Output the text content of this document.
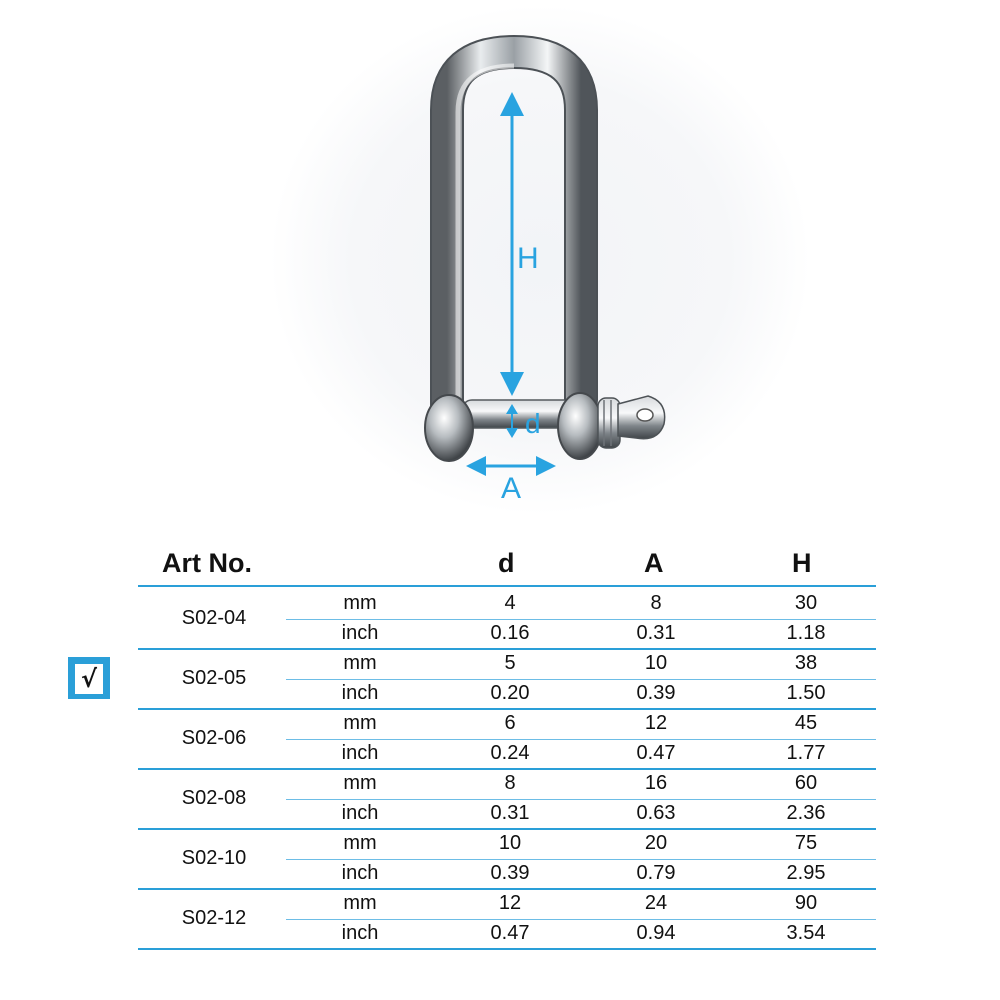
H
d
A
Art No.	d	A	H
S02-04
mm	4	8	30
inch	0.16	0.31	1.18
S02-05
mm	5	10	38
inch	0.20	0.39	1.50
S02-06
mm	6	12	45
inch	0.24	0.47	1.77
S02-08
mm	8	16	60
inch	0.31	0.63	2.36
S02-10
mm	10	20	75
inch	0.39	0.79	2.95
S02-12
mm	12	24	90
inch	0.47	0.94	3.54
√
